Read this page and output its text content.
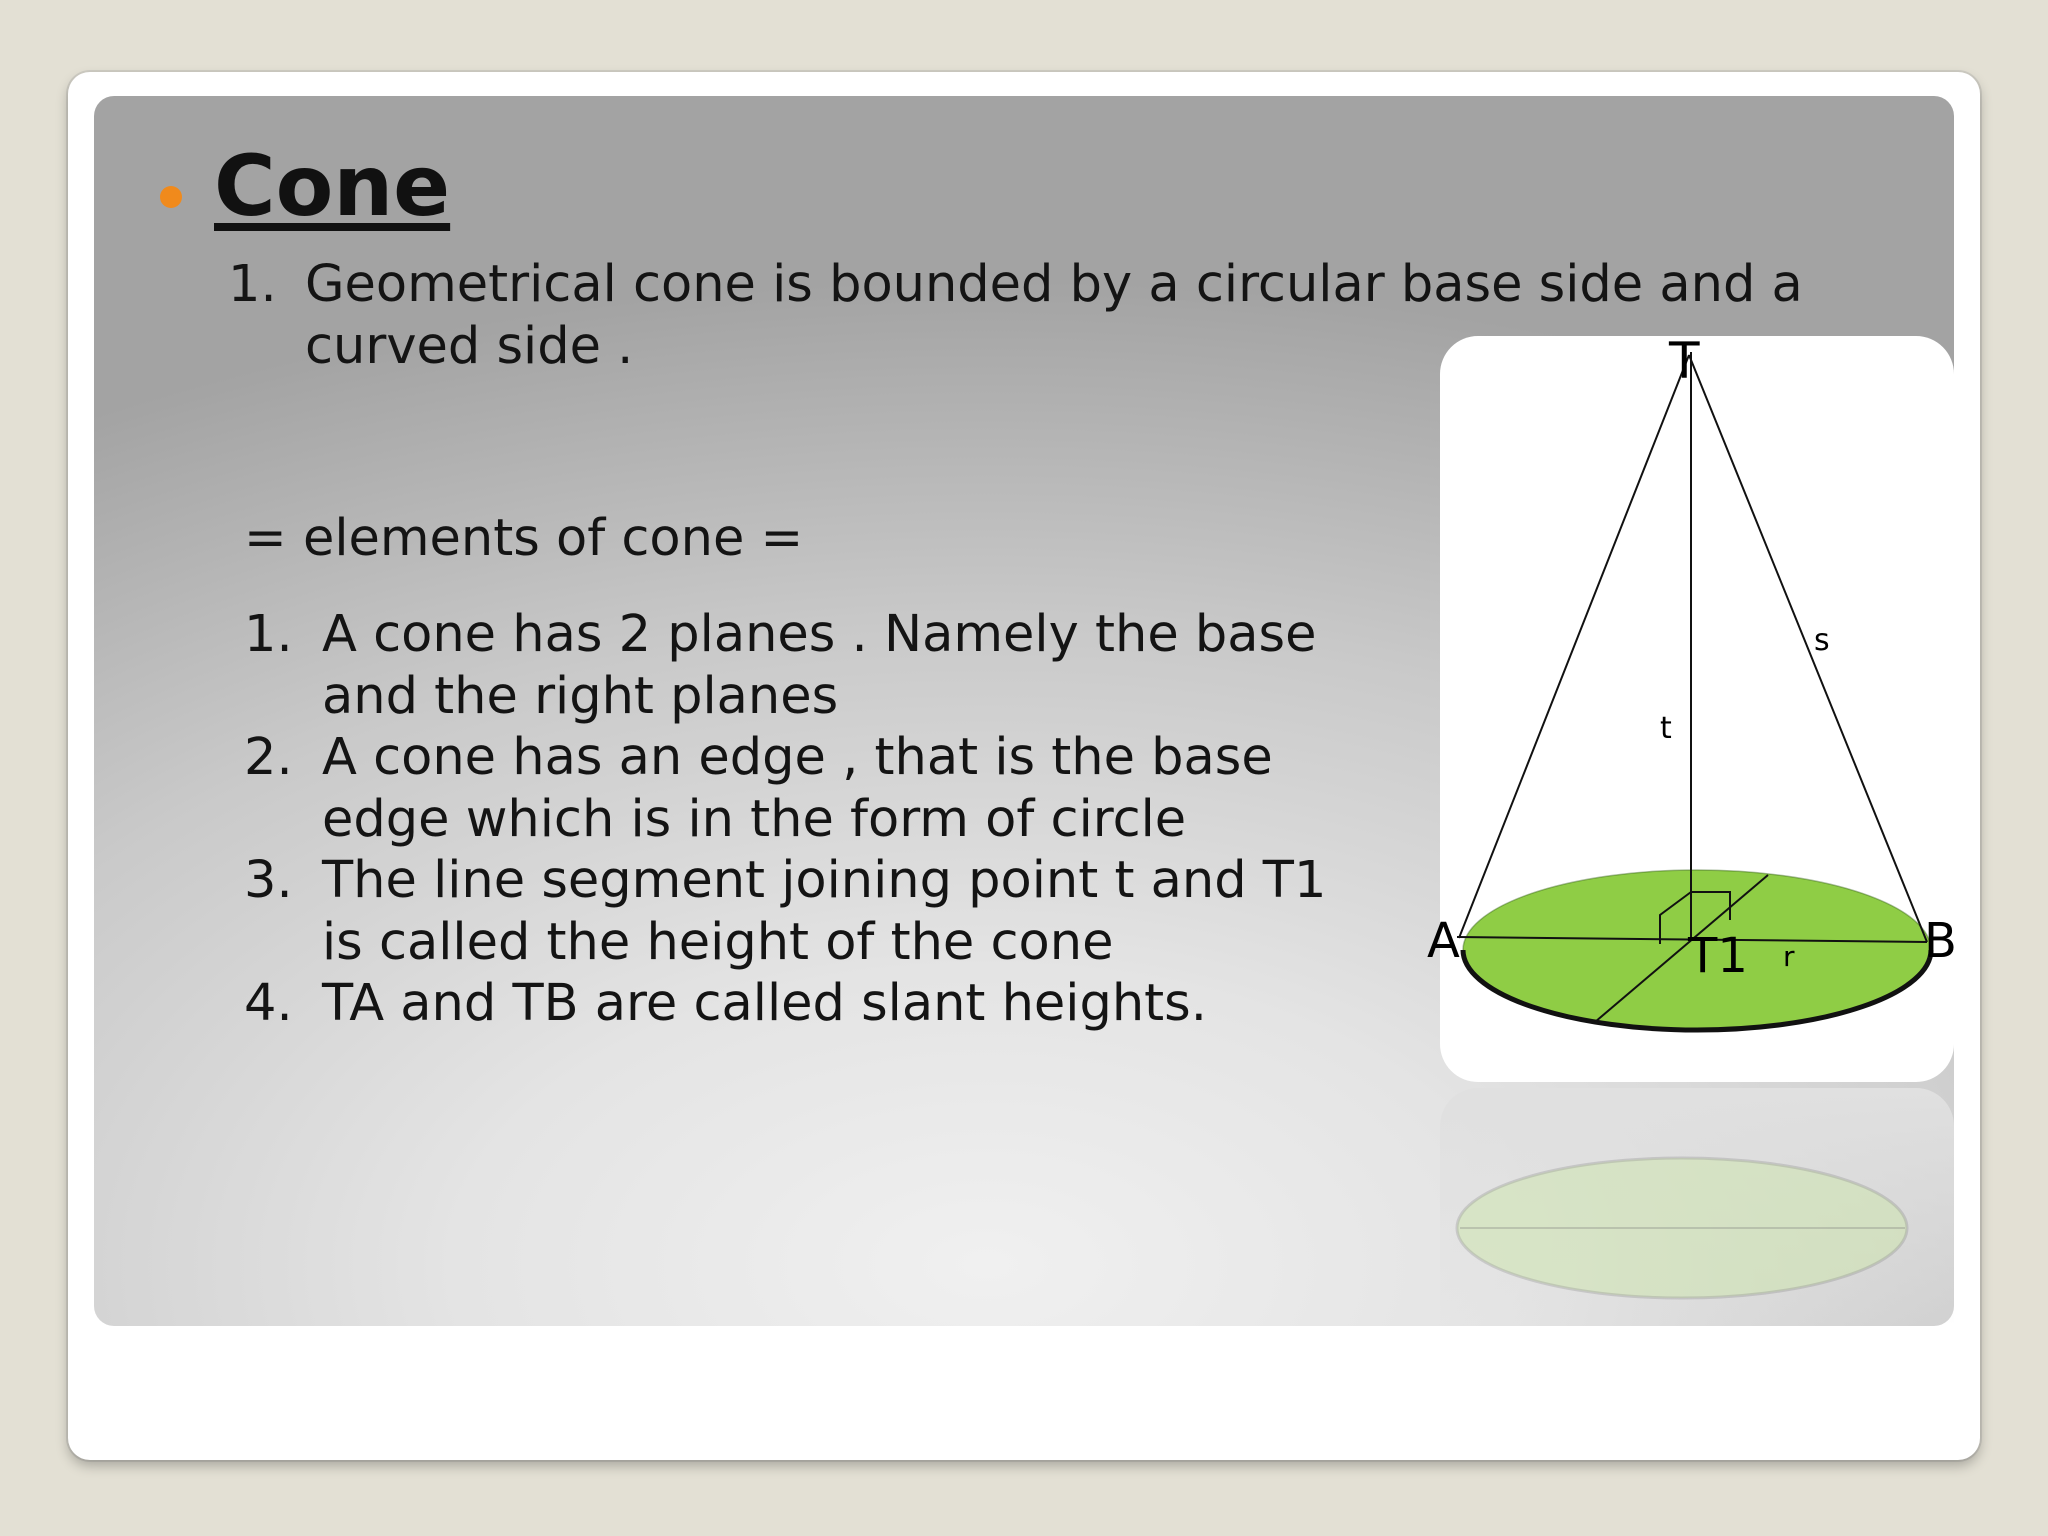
Cone
1. Geometrical cone is bounded by a circular base side and a curved side .
= elements of cone =
1. A cone has 2 planes . Namely the base and the right planes
2. A cone has an edge , that is the base edge which is in the form of circle
3. The line segment joining point t and T1 is called the height of the cone
4. TA and TB are called slant heights.
T
A	B
T1
t
s
r
